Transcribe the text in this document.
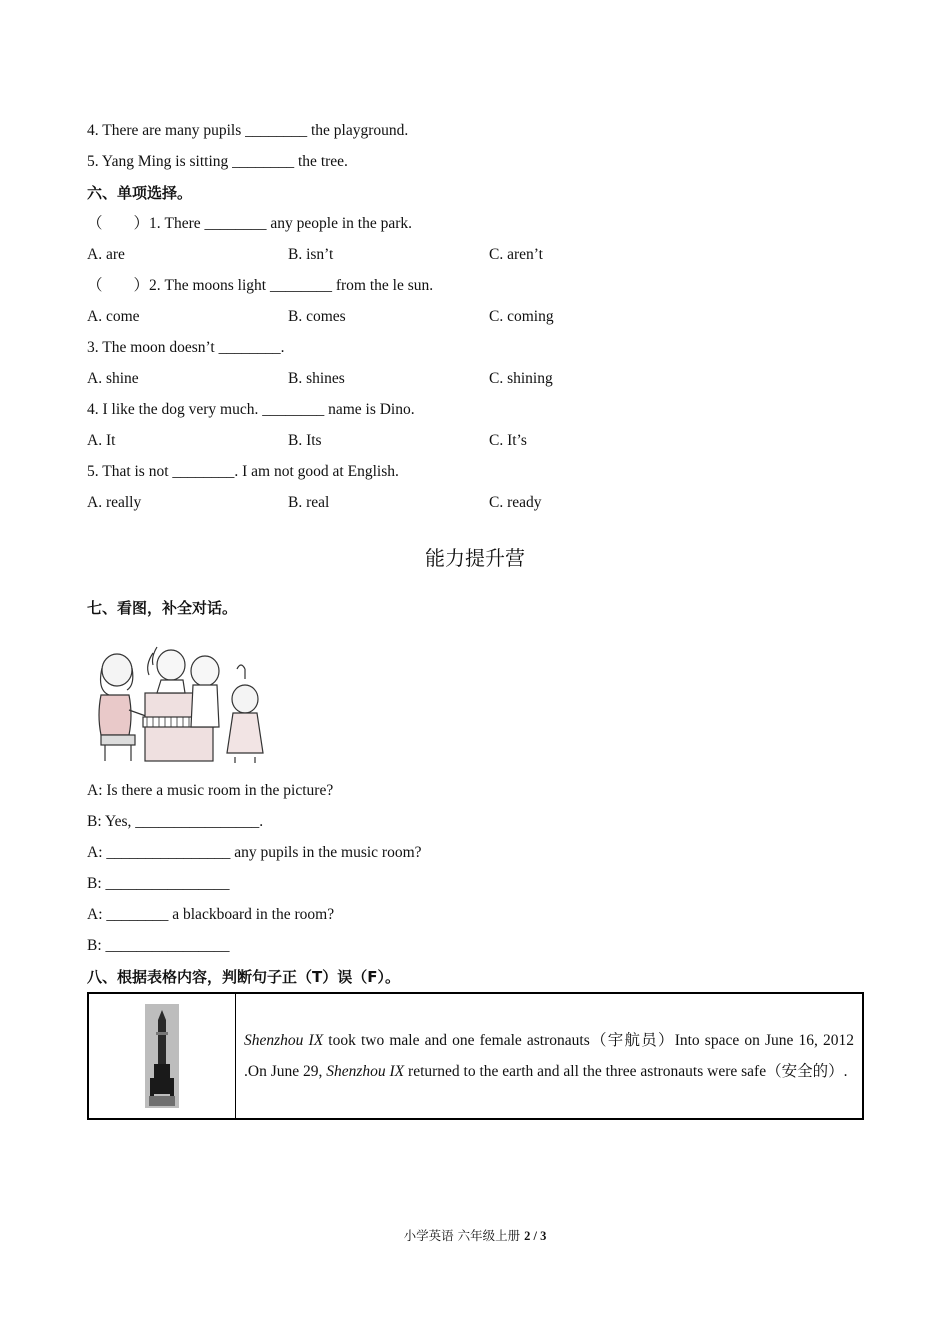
4. There are many pupils ________ the playground.
5. Yang Ming is sitting ________ the tree.
六、单项选择。
（　　）1. There ________ any people in the park.
A. are	B. isn’t	C. aren’t
（　　）2. The moons light ________ from the le sun.
A. come	B. comes	C. coming
3. The moon doesn’t ________.
A. shine	B. shines	C. shining
4. I like the dog very much. ________ name is Dino.
A. It	B. Its	C. It’s
5. That is not ________. I am not good at English.
A. really	B. real	C. ready
能力提升营
七、看图，补全对话。
A: Is there a music room in the picture?
B: Yes, ________________.
A: ________________ any pupils in the music room?
B: ________________
A: ________ a blackboard in the room?
B: ________________
八、根据表格内容，判断句子正（T）误（F）。
	Shenzhou IX took two male and one female astronauts（宇航员）Into space on June 16, 2012 .On June 29, Shenzhou IX returned to the earth and all the three astronauts were safe（安全的）.
小学英语 六年级上册 2 / 3
